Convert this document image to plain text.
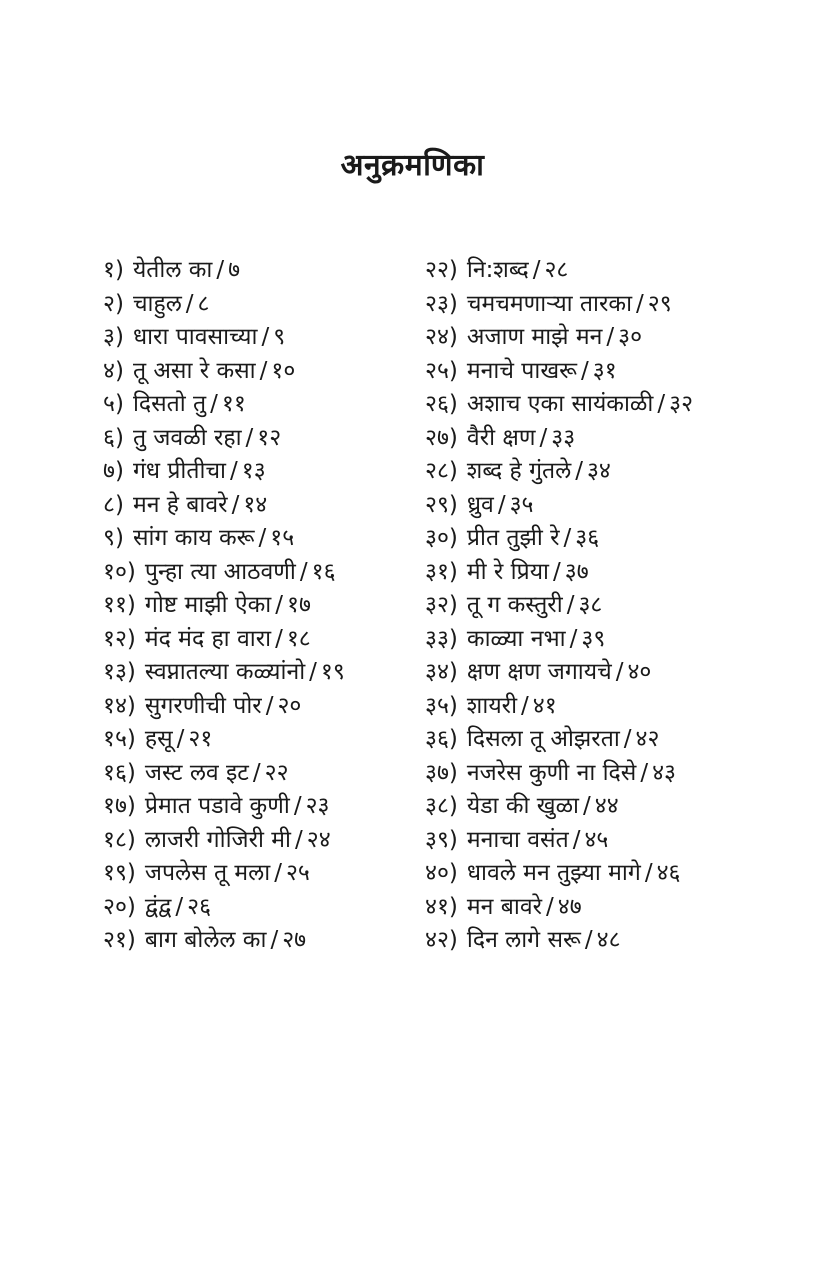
अनुक्रमणिका
१) येतील का / ७
२) चाहुल / ८
३) धारा पावसाच्या / ९
४) तू असा रे कसा / १०
५) दिसतो तु / ११
६) तु जवळी रहा / १२
७) गंध प्रीतीचा / १३
८) मन हे बावरे / १४
९) सांग काय करू / १५
१०) पुन्हा त्या आठवणी / १६
११) गोष्ट माझी ऐका / १७
१२) मंद मंद हा वारा / १८
१३) स्वप्नातल्या कळ्यांनो / १९
१४) सुगरणीची पोर / २०
१५) हसू / २१
१६) जस्ट लव इट / २२
१७) प्रेमात पडावे कुणी / २३
१८) लाजरी गोजिरी मी / २४
१९) जपलेस तू मला / २५
२०) द्वंद्व / २६
२१) बाग बोलेल का / २७
२२) नि:शब्द / २८
२३) चमचमणाऱ्या तारका / २९
२४) अजाण माझे मन / ३०
२५) मनाचे पाखरू / ३१
२६) अशाच एका सायंकाळी / ३२
२७) वैरी क्षण / ३३
२८) शब्द हे गुंतले / ३४
२९) ध्रुव / ३५
३०) प्रीत तुझी रे / ३६
३१) मी रे प्रिया / ३७
३२) तू ग कस्तुरी / ३८
३३) काळ्या नभा / ३९
३४) क्षण क्षण जगायचे / ४०
३५) शायरी / ४१
३६) दिसला तू ओझरता / ४२
३७) नजरेस कुणी ना दिसे / ४३
३८) येडा की खुळा / ४४
३९) मनाचा वसंत / ४५
४०) धावले मन तुझ्या मागे / ४६
४१) मन बावरे / ४७
४२) दिन लागे सरू / ४८
